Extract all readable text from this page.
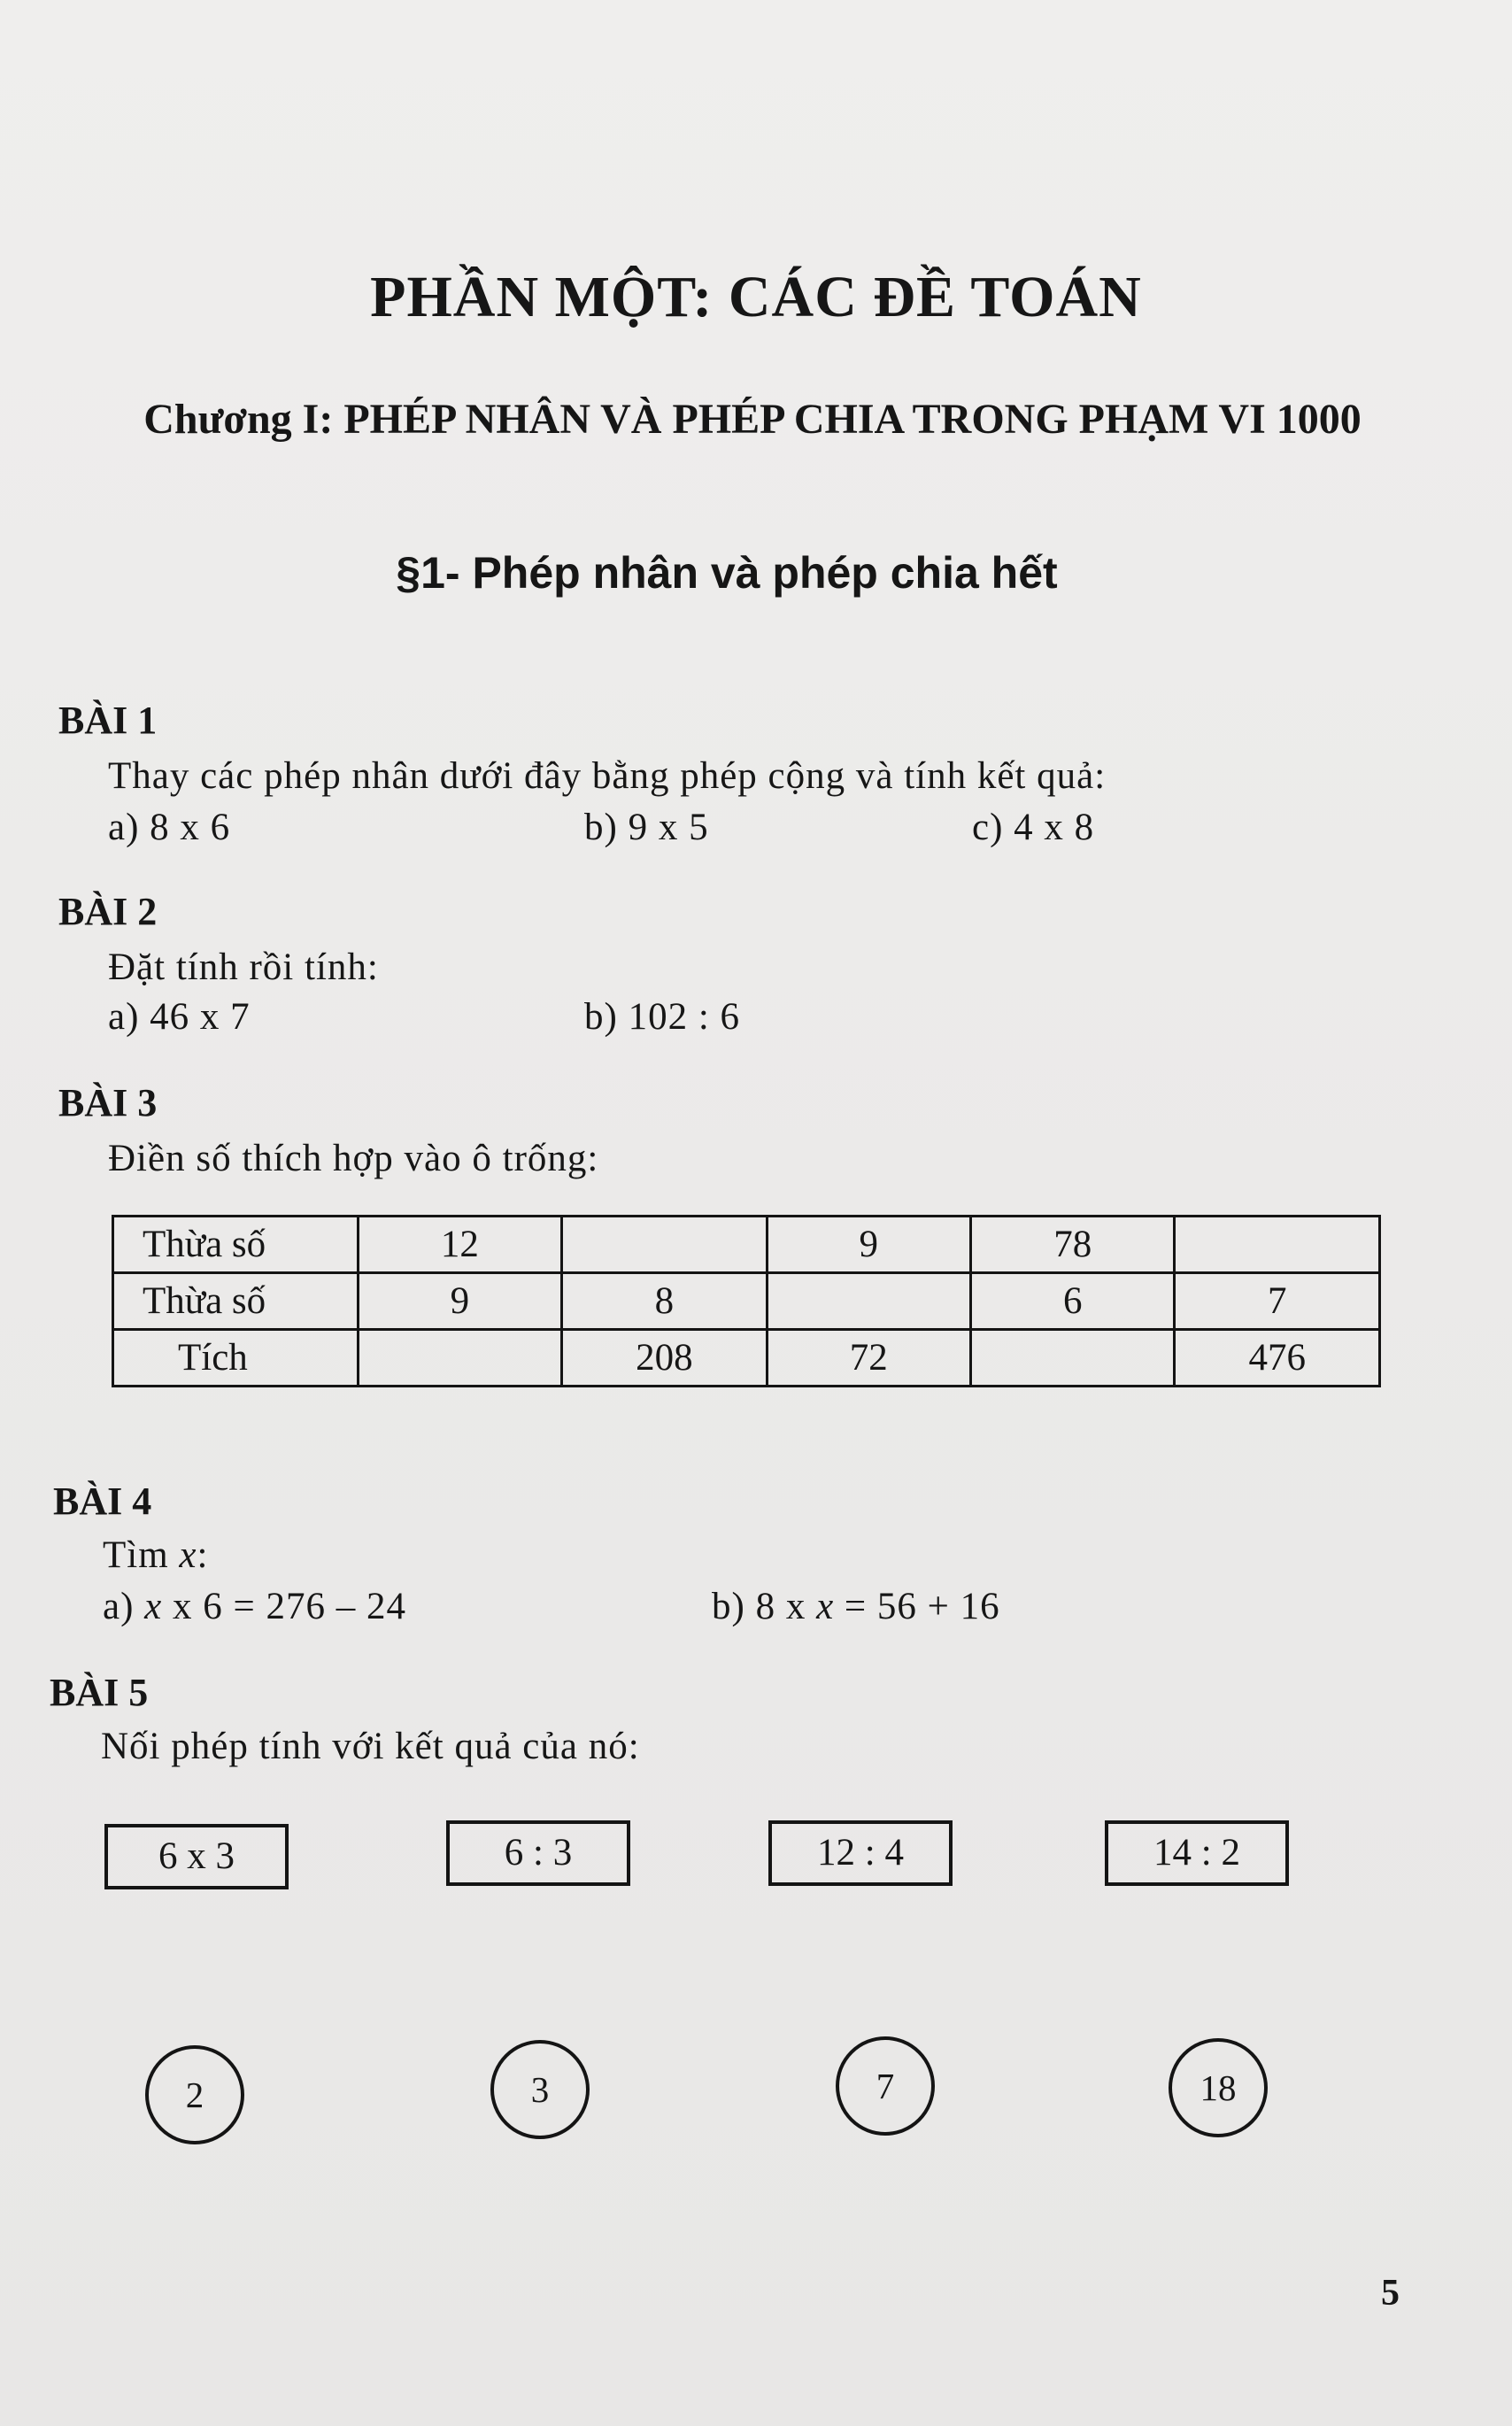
PHẦN MỘT: CÁC ĐỀ TOÁN
Chương I: PHÉP NHÂN VÀ PHÉP CHIA TRONG PHẠM VI 1000
§1- Phép nhân và phép chia hết
BÀI 1
Thay các phép nhân dưới đây bằng phép cộng và tính kết quả:
a) 8 x 6	b) 9 x 5	c) 4 x 8
BÀI 2
Đặt tính rồi tính:
a) 46 x 7	b) 102 : 6
BÀI 3
Điền số thích hợp vào ô trống:
Thừa số	12		9	78	
Thừa số	9	8		6	7
Tích		208	72		476
BÀI 4
Tìm x:
a) x x 6 = 276 – 24	b) 8 x x = 56 + 16
BÀI 5
Nối phép tính với kết quả của nó:
6 x 3	6 : 3	12 : 4	14 : 2
2	3	7	18
5
